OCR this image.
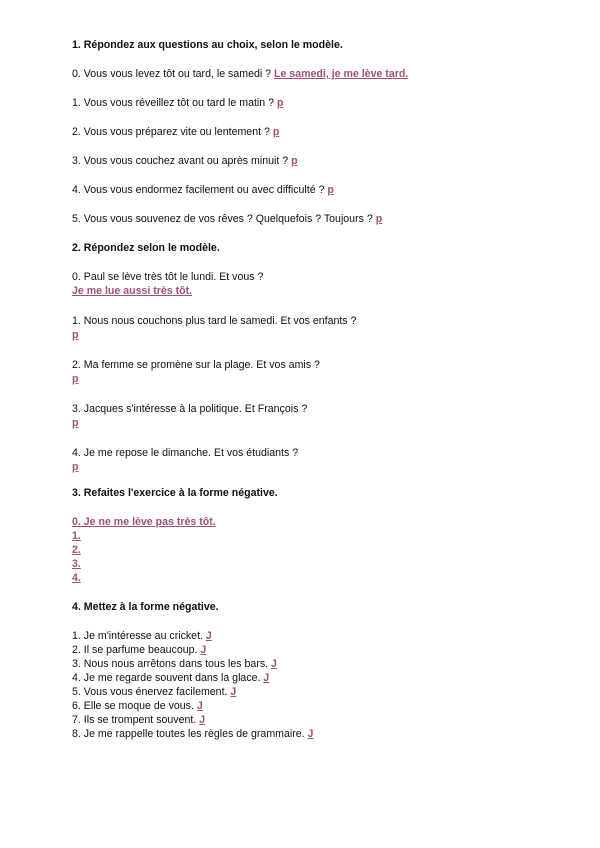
1. Répondez aux questions au choix, selon le modèle.

0. Vous vous levez tôt ou tard, le samedi ? Le samedi, je me lève tard.

1. Vous vous réveillez tôt ou tard le matin ? p

2. Vous vous préparez vite ou lentement ? p

3. Vous vous couchez avant ou après minuit ? p

4. Vous vous endormez facilement ou avec difficulté ? p

5. Vous vous souvenez de vos rêves ? Quelquefois ? Toujours ? p

2. Répondez selon le modèle.

0. Paul se lève très tôt le lundi. Et vous ?

Je me lue aussi très tôt.

1. Nous nous couchons plus tard le samedi. Et vos enfants ?

p

2. Ma femme se promène sur la plage. Et vos amis ?

p

3. Jacques s'intéresse à la politique. Et François ?

p

4. Je me repose le dimanche. Et vos étudiants ?

p

3. Refaites l'exercice à la forme négative.

0. Je ne me lève pas très tôt.

1.

2.

3.

4.

4. Mettez à la forme négative.

1. Je m'intéresse au cricket. J

2. Il se parfume beaucoup. J

3. Nous nous arrêtons dans tous les bars. J

4. Je me regarde souvent dans la glace. J

5. Vous vous énervez facilement. J

6. Elle se moque de vous. J

7. Ils se trompent souvent. J

8. Je me rappelle toutes les règles de grammaire. J
